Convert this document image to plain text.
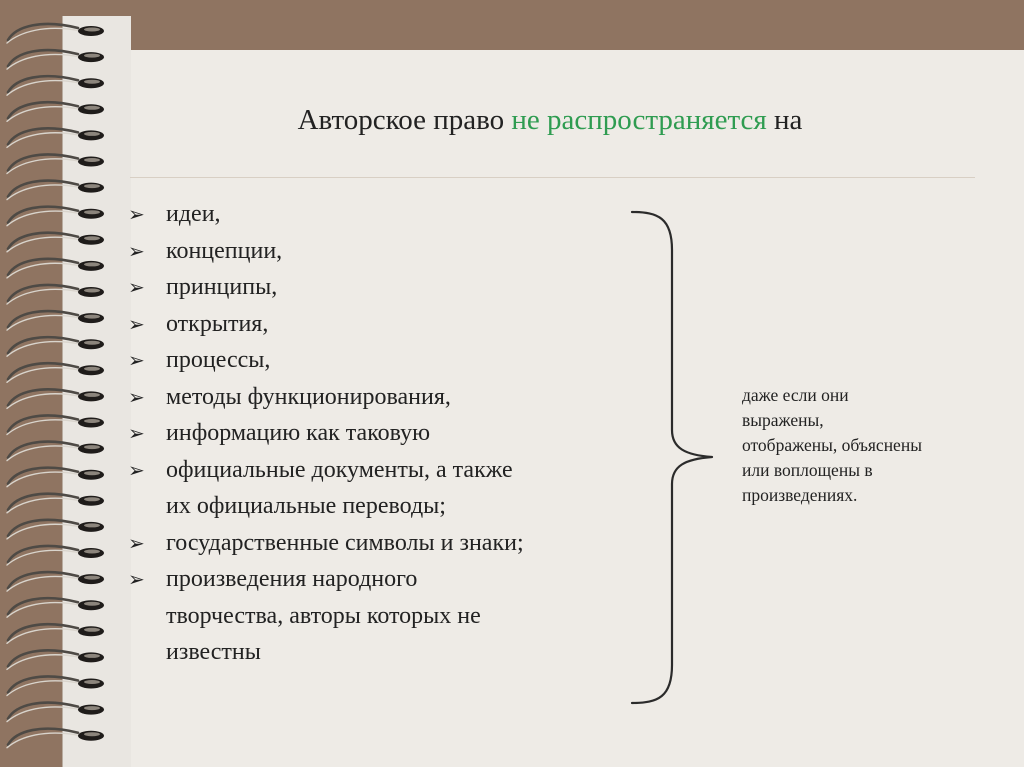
Авторское право не распространяется на
➢ идеи,
➢ концепции,
➢ принципы,
➢ открытия,
➢ процессы,
➢ методы функционирования,
➢ информацию как таковую
➢ официальные документы, а также
их официальные переводы;
➢ государственные символы и знаки;
➢ произведения народного
творчества, авторы которых не
известны
даже если они
выражены,
отображены, объяснены
или воплощены в
произведениях.
